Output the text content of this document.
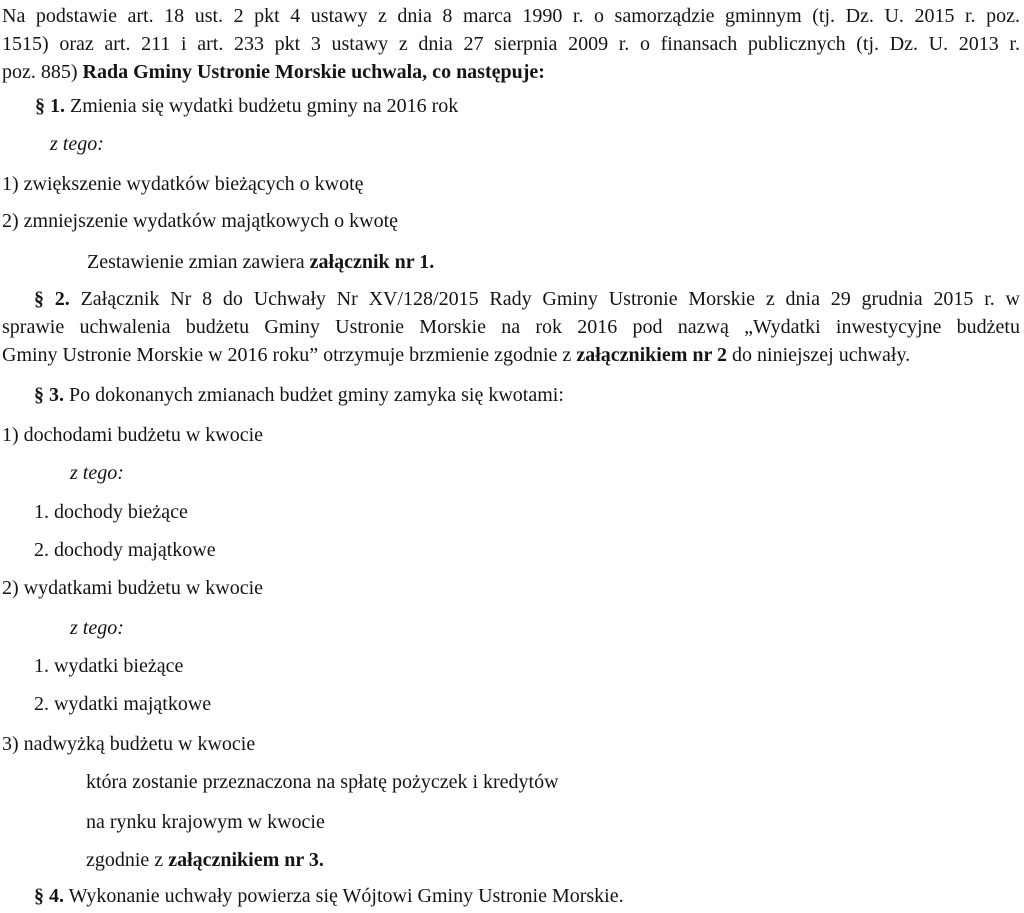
Na podstawie art. 18 ust. 2 pkt 4 ustawy z dnia 8 marca 1990 r. o samorządzie gminnym (tj. Dz. U. 2015 r. poz.
1515) oraz art. 211 i art. 233 pkt 3 ustawy z dnia 27 sierpnia 2009 r. o finansach publicznych (tj. Dz. U. 2013 r.
poz. 885) Rada Gminy Ustronie Morskie uchwala, co następuje:
§ 1. Zmienia się wydatki budżetu gminy na 2016 rok
z tego:
1) zwiększenie wydatków bieżących o kwotę
2) zmniejszenie wydatków majątkowych o kwotę
Zestawienie zmian zawiera załącznik nr 1.
§ 2. Załącznik Nr 8 do Uchwały Nr XV/128/2015 Rady Gminy Ustronie Morskie z dnia 29 grudnia 2015 r. w
sprawie uchwalenia budżetu Gminy Ustronie Morskie na rok 2016 pod nazwą „Wydatki inwestycyjne budżetu
Gminy Ustronie Morskie w 2016 roku” otrzymuje brzmienie zgodnie z załącznikiem nr 2 do niniejszej uchwały.
§ 3. Po dokonanych zmianach budżet gminy zamyka się kwotami:
1) dochodami budżetu w kwocie
z tego:
1. dochody bieżące
2. dochody majątkowe
2) wydatkami budżetu w kwocie
z tego:
1. wydatki bieżące
2. wydatki majątkowe
3) nadwyżką budżetu w kwocie
która zostanie przeznaczona na spłatę pożyczek i kredytów
na rynku krajowym w kwocie
zgodnie z załącznikiem nr 3.
§ 4. Wykonanie uchwały powierza się Wójtowi Gminy Ustronie Morskie.
